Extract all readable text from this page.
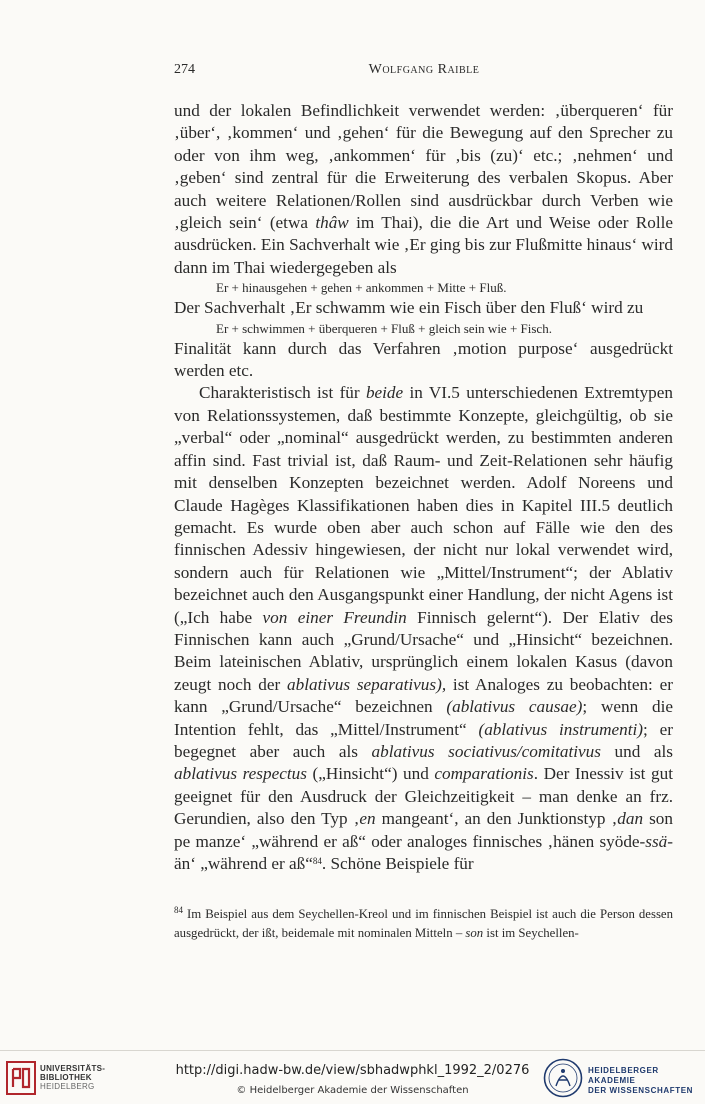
274	Wolfgang Raible

und der lokalen Befindlichkeit verwendet werden: ‚überqueren‘ für ‚über‘, ‚kommen‘ und ‚gehen‘ für die Bewegung auf den Sprecher zu oder von ihm weg, ‚ankommen‘ für ‚bis (zu)‘ etc.; ‚nehmen‘ und ‚geben‘ sind zentral für die Erweiterung des verbalen Skopus. Aber auch weitere Relationen/Rollen sind ausdrückbar durch Verben wie ‚gleich sein‘ (etwa thâw im Thai), die die Art und Weise oder Rolle ausdrücken. Ein Sachverhalt wie ‚Er ging bis zur Flußmitte hinaus‘ wird dann im Thai wiedergegeben als

Er + hinausgehen + gehen + ankommen + Mitte + Fluß.

Der Sachverhalt ‚Er schwamm wie ein Fisch über den Fluß‘ wird zu

Er + schwimmen + überqueren + Fluß + gleich sein wie + Fisch.

Finalität kann durch das Verfahren ‚motion purpose‘ ausgedrückt werden etc.

Charakteristisch ist für beide in VI.5 unterschiedenen Extremtypen von Relationssystemen, daß bestimmte Konzepte, gleichgültig, ob sie „verbal“ oder „nominal“ ausgedrückt werden, zu bestimmten anderen affin sind. Fast trivial ist, daß Raum- und Zeit-Relationen sehr häufig mit denselben Konzepten bezeichnet werden. Adolf Noreens und Claude Hagèges Klassifikationen haben dies in Kapitel III.5 deutlich gemacht. Es wurde oben aber auch schon auf Fälle wie den des finnischen Adessiv hingewiesen, der nicht nur lokal verwendet wird, sondern auch für Relationen wie „Mittel/Instrument“; der Ablativ bezeichnet auch den Ausgangspunkt einer Handlung, der nicht Agens ist („Ich habe von einer Freundin Finnisch gelernt“). Der Elativ des Finnischen kann auch „Grund/Ursache“ und „Hinsicht“ bezeichnen. Beim lateinischen Ablativ, ursprünglich einem lokalen Kasus (davon zeugt noch der ablativus separativus), ist Analoges zu beobachten: er kann „Grund/Ursache“ bezeichnen (ablativus causae); wenn die Intention fehlt, das „Mittel/Instrument“ (ablativus instrumenti); er begegnet aber auch als ablativus sociativus/comitativus und als ablativus respectus („Hinsicht“) und comparationis. Der Inessiv ist gut geeignet für den Ausdruck der Gleichzeitigkeit – man denke an frz. Gerundien, also den Typ ‚en mangeant‘, an den Junktionstyp ‚dan son pe manze‘ „während er aß“ oder analoges finnisches ‚hänen syöde-ssä-än‘ „während er aß“$^{84}$. Schöne Beispiele für

$^{84}$ Im Beispiel aus dem Seychellen-Kreol und im finnischen Beispiel ist auch die Person dessen ausgedrückt, der ißt, beidemale mit nominalen Mitteln – son ist im Seychellen-
UNIVERSITÄTS-
BIBLIOTHEK
HEIDELBERG
http://digi.hadw-bw.de/view/sbhadwphkl_1992_2/0276
© Heidelberger Akademie der Wissenschaften
HEIDELBERGER AKADEMIE
DER WISSENSCHAFTEN
